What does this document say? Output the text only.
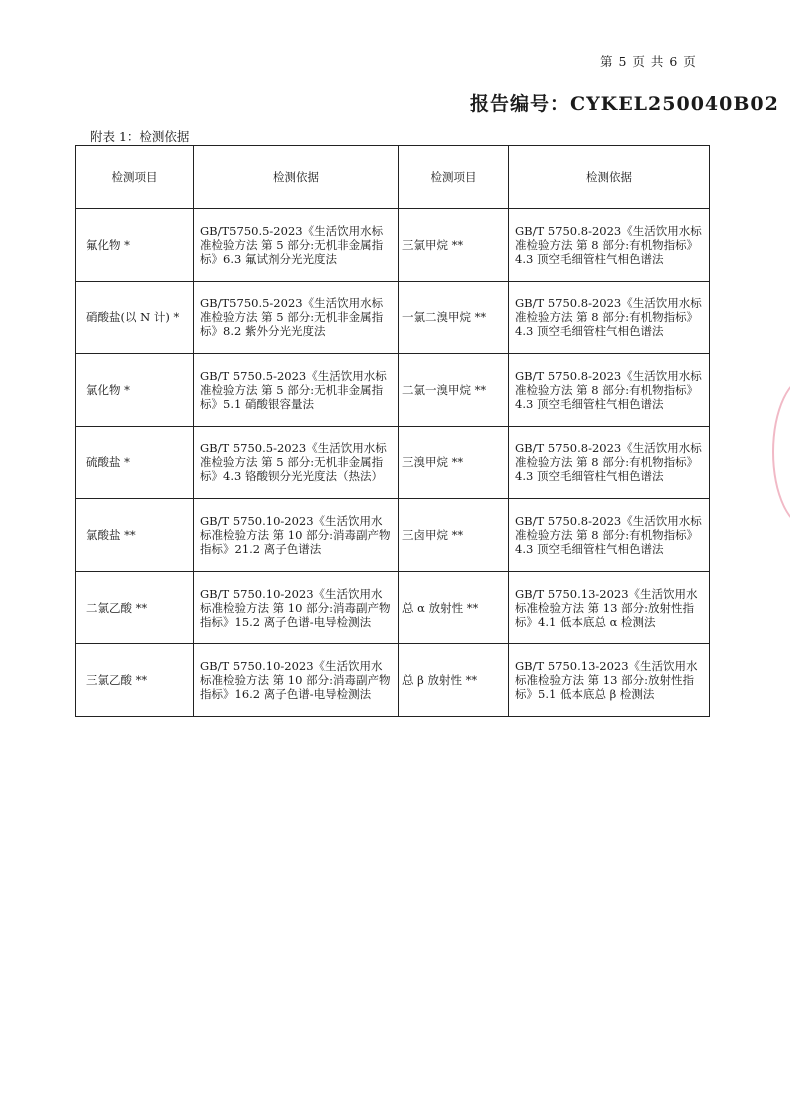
第 5 页 共 6 页
报告编号：CYKEL250040B02
附表 1：检测依据
检测项目	检测依据	检测项目	检测依据
氟化物 *	GB/T5750.5-2023《生活饮用水标准检验方法 第 5 部分:无机非金属指标》6.3 氟试剂分光光度法	三氯甲烷 **	GB/T 5750.8-2023《生活饮用水标准检验方法 第 8 部分:有机物指标》4.3 顶空毛细管柱气相色谱法
硝酸盐(以 N 计) *	GB/T5750.5-2023《生活饮用水标准检验方法 第 5 部分:无机非金属指标》8.2 紫外分光光度法	一氯二溴甲烷 **	GB/T 5750.8-2023《生活饮用水标准检验方法 第 8 部分:有机物指标》4.3 顶空毛细管柱气相色谱法
氯化物 *	GB/T 5750.5-2023《生活饮用水标准检验方法 第 5 部分:无机非金属指标》5.1 硝酸银容量法	二氯一溴甲烷 **	GB/T 5750.8-2023《生活饮用水标准检验方法 第 8 部分:有机物指标》4.3 顶空毛细管柱气相色谱法
硫酸盐 *	GB/T 5750.5-2023《生活饮用水标准检验方法 第 5 部分:无机非金属指标》4.3 铬酸钡分光光度法（热法）	三溴甲烷 **	GB/T 5750.8-2023《生活饮用水标准检验方法 第 8 部分:有机物指标》4.3 顶空毛细管柱气相色谱法
氯酸盐 **	GB/T 5750.10-2023《生活饮用水标准检验方法 第 10 部分:消毒副产物指标》21.2 离子色谱法	三卤甲烷 **	GB/T 5750.8-2023《生活饮用水标准检验方法 第 8 部分:有机物指标》4.3 顶空毛细管柱气相色谱法
二氯乙酸 **	GB/T 5750.10-2023《生活饮用水标准检验方法 第 10 部分:消毒副产物指标》15.2 离子色谱-电导检测法	总 α 放射性 **	GB/T 5750.13-2023《生活饮用水标准检验方法 第 13 部分:放射性指标》4.1 低本底总 α 检测法
三氯乙酸 **	GB/T 5750.10-2023《生活饮用水标准检验方法 第 10 部分:消毒副产物指标》16.2 离子色谱-电导检测法	总 β 放射性 **	GB/T 5750.13-2023《生活饮用水标准检验方法 第 13 部分:放射性指标》5.1 低本底总 β 检测法
